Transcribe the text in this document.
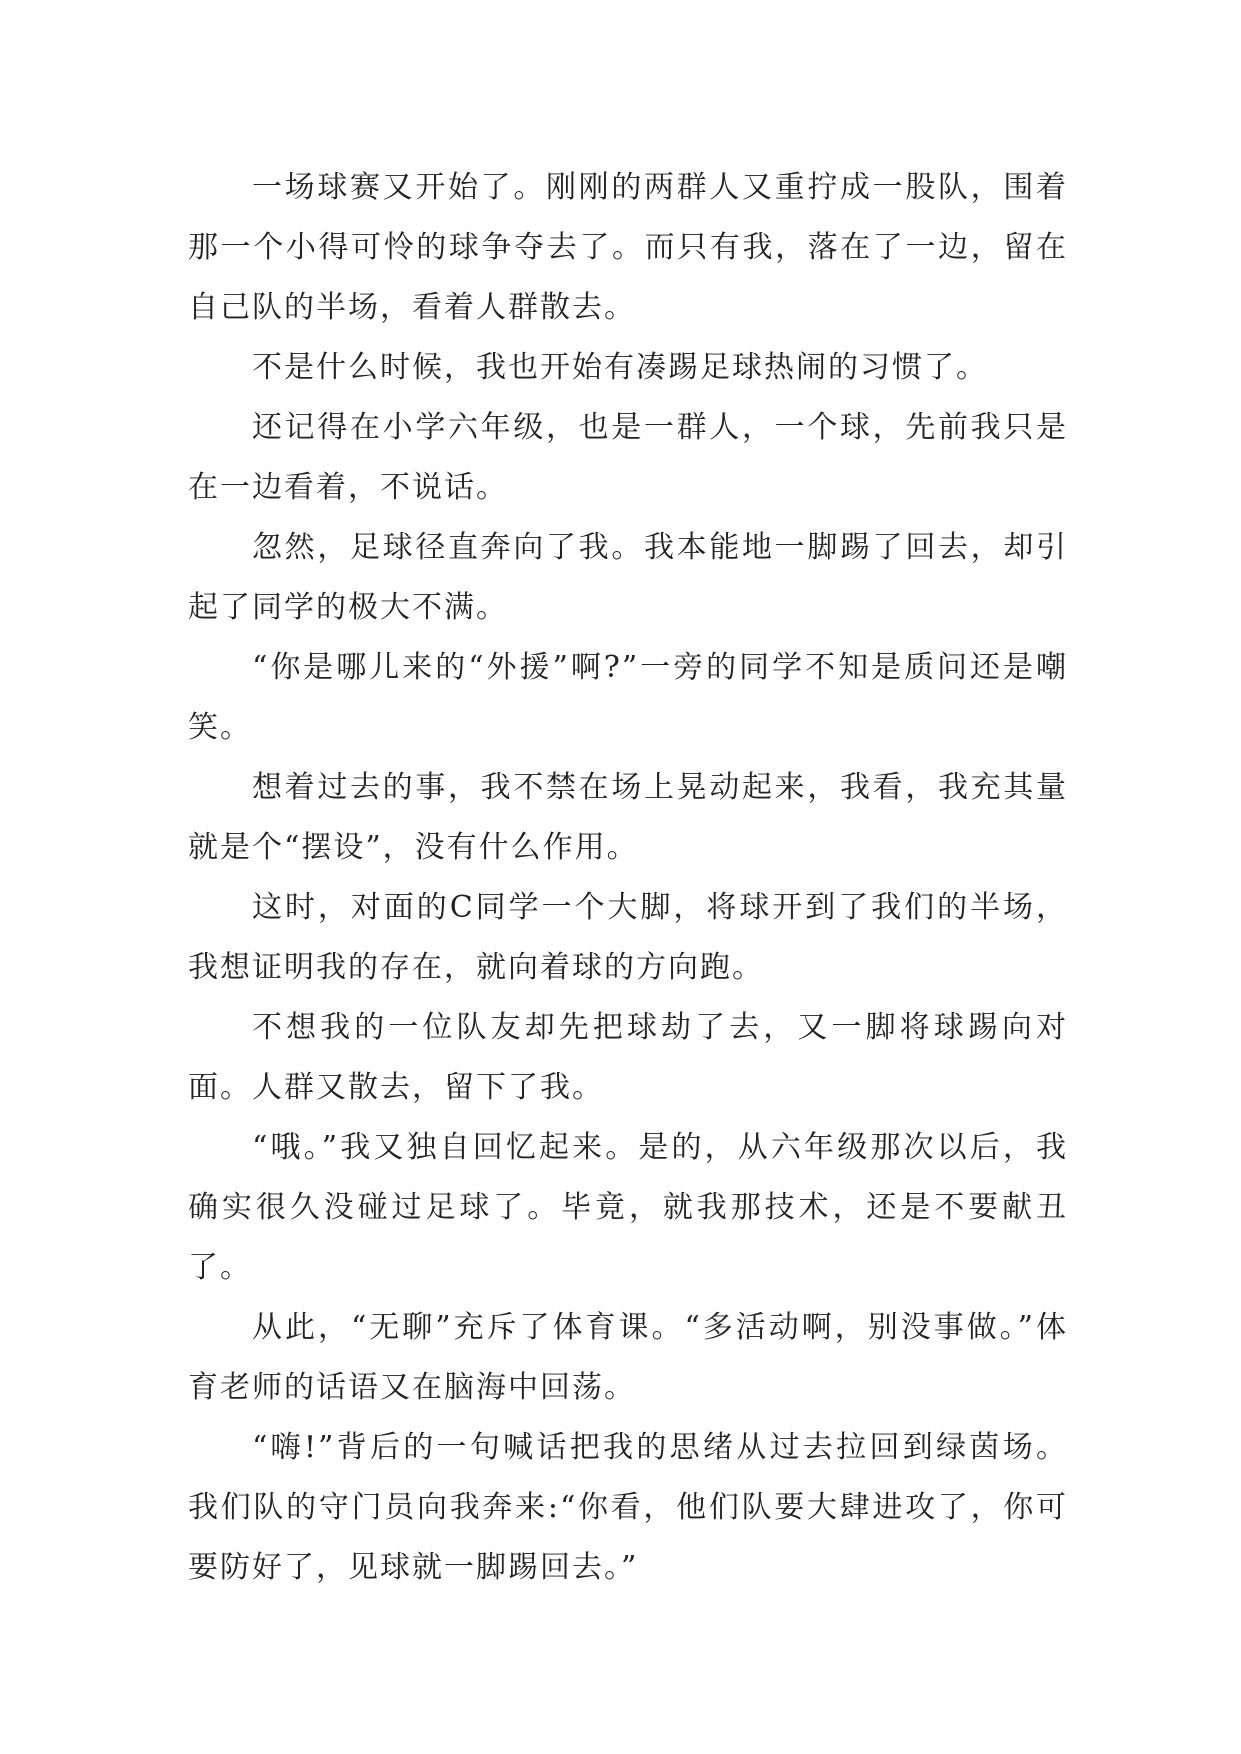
一场球赛又开始了。刚刚的两群人又重拧成一股队，围着那一个小得可怜的球争夺去了。而只有我，落在了一边，留在自己队的半场，看着人群散去。

不是什么时候，我也开始有凑踢足球热闹的习惯了。

还记得在小学六年级，也是一群人，一个球，先前我只是在一边看着，不说话。

忽然，足球径直奔向了我。我本能地一脚踢了回去，却引起了同学的极大不满。

“你是哪儿来的“外援”啊?”一旁的同学不知是质问还是嘲笑。

想着过去的事，我不禁在场上晃动起来，我看，我充其量就是个“摆设”，没有什么作用。

这时，对面的C同学一个大脚，将球开到了我们的半场，我想证明我的存在，就向着球的方向跑。

不想我的一位队友却先把球劫了去，又一脚将球踢向对面。人群又散去，留下了我。

“哦。”我又独自回忆起来。是的，从六年级那次以后，我确实很久没碰过足球了。毕竟，就我那技术，还是不要献丑了。

从此，“无聊”充斥了体育课。“多活动啊，别没事做。”体育老师的话语又在脑海中回荡。

“嗨!”背后的一句喊话把我的思绪从过去拉回到绿茵场。我们队的守门员向我奔来:“你看，他们队要大肆进攻了，你可要防好了，见球就一脚踢回去。”
